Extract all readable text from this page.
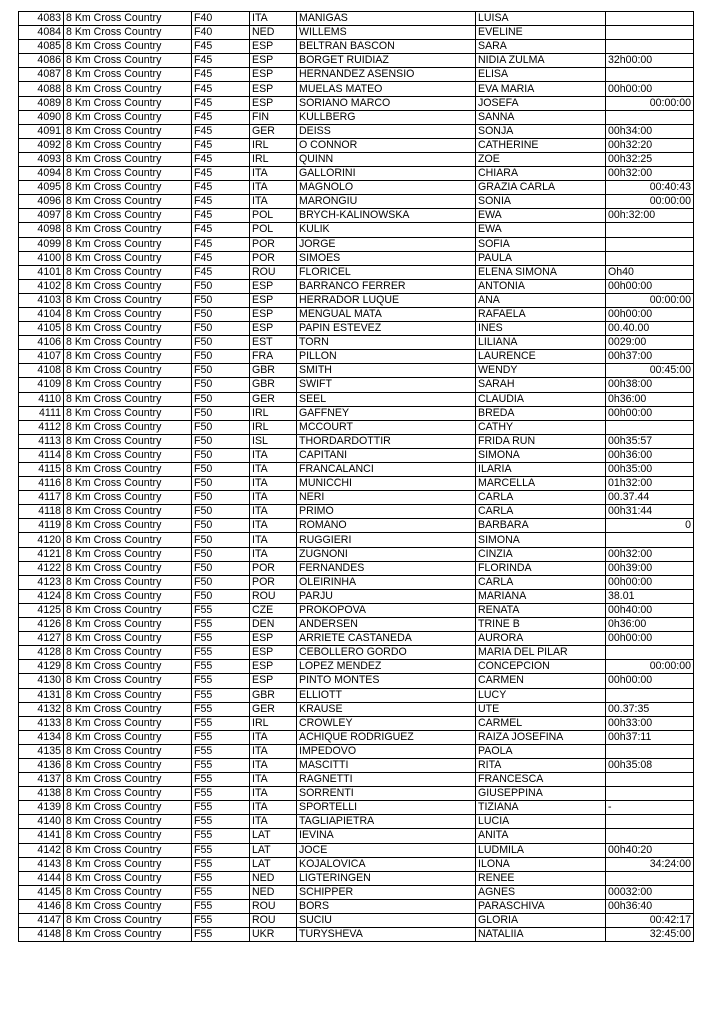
4083	8 Km Cross Country	F40	ITA	MANIGAS	LUISA	
4084	8 Km Cross Country	F40	NED	WILLEMS	EVELINE	
4085	8 Km Cross Country	F45	ESP	BELTRAN BASCON	SARA	
4086	8 Km Cross Country	F45	ESP	BORGET RUIDIAZ	NIDIA ZULMA	32h00:00
4087	8 Km Cross Country	F45	ESP	HERNANDEZ ASENSIO	ELISA	
4088	8 Km Cross Country	F45	ESP	MUELAS MATEO	EVA MARIA	00h00:00
4089	8 Km Cross Country	F45	ESP	SORIANO MARCO	JOSEFA	00:00:00
4090	8 Km Cross Country	F45	FIN	KULLBERG	SANNA	
4091	8 Km Cross Country	F45	GER	DEISS	SONJA	00h34:00
4092	8 Km Cross Country	F45	IRL	O CONNOR	CATHERINE	00h32:20
4093	8 Km Cross Country	F45	IRL	QUINN	ZOE	00h32:25
4094	8 Km Cross Country	F45	ITA	GALLORINI	CHIARA	00h32:00
4095	8 Km Cross Country	F45	ITA	MAGNOLO	GRAZIA CARLA	00:40:43
4096	8 Km Cross Country	F45	ITA	MARONGIU	SONIA	00:00:00
4097	8 Km Cross Country	F45	POL	BRYCH-KALINOWSKA	EWA	00h:32:00
4098	8 Km Cross Country	F45	POL	KULIK	EWA	
4099	8 Km Cross Country	F45	POR	JORGE	SOFIA	
4100	8 Km Cross Country	F45	POR	SIMOES	PAULA	
4101	8 Km Cross Country	F45	ROU	FLORICEL	ELENA SIMONA	Oh40
4102	8 Km Cross Country	F50	ESP	BARRANCO FERRER	ANTONIA	00h00:00
4103	8 Km Cross Country	F50	ESP	HERRADOR LUQUE	ANA	00:00:00
4104	8 Km Cross Country	F50	ESP	MENGUAL MATA	RAFAELA	00h00:00
4105	8 Km Cross Country	F50	ESP	PAPIN ESTEVEZ	INES	00.40.00
4106	8 Km Cross Country	F50	EST	TORN	LILIANA	0029:00
4107	8 Km Cross Country	F50	FRA	PILLON	LAURENCE	00h37:00
4108	8 Km Cross Country	F50	GBR	SMITH	WENDY	00:45:00
4109	8 Km Cross Country	F50	GBR	SWIFT	SARAH	00h38:00
4110	8 Km Cross Country	F50	GER	SEEL	CLAUDIA	0h36:00
4111	8 Km Cross Country	F50	IRL	GAFFNEY	BREDA	00h00:00
4112	8 Km Cross Country	F50	IRL	MCCOURT	CATHY	
4113	8 Km Cross Country	F50	ISL	THORDARDOTTIR	FRIDA RUN	00h35:57
4114	8 Km Cross Country	F50	ITA	CAPITANI	SIMONA	00h36:00
4115	8 Km Cross Country	F50	ITA	FRANCALANCI	ILARIA	00h35:00
4116	8 Km Cross Country	F50	ITA	MUNICCHI	MARCELLA	01h32:00
4117	8 Km Cross Country	F50	ITA	NERI	CARLA	00.37.44
4118	8 Km Cross Country	F50	ITA	PRIMO	CARLA	00h31:44
4119	8 Km Cross Country	F50	ITA	ROMANO	BARBARA	0
4120	8 Km Cross Country	F50	ITA	RUGGIERI	SIMONA	
4121	8 Km Cross Country	F50	ITA	ZUGNONI	CINZIA	00h32:00
4122	8 Km Cross Country	F50	POR	FERNANDES	FLORINDA	00h39:00
4123	8 Km Cross Country	F50	POR	OLEIRINHA	CARLA	00h00:00
4124	8 Km Cross Country	F50	ROU	PARJU	MARIANA	38.01
4125	8 Km Cross Country	F55	CZE	PROKOPOVA	RENATA	00h40:00
4126	8 Km Cross Country	F55	DEN	ANDERSEN	TRINE B	0h36:00
4127	8 Km Cross Country	F55	ESP	ARRIETE CASTANEDA	AURORA	00h00:00
4128	8 Km Cross Country	F55	ESP	CEBOLLERO GORDO	MARIA DEL PILAR	
4129	8 Km Cross Country	F55	ESP	LOPEZ MENDEZ	CONCEPCION	00:00:00
4130	8 Km Cross Country	F55	ESP	PINTO MONTES	CARMEN	00h00:00
4131	8 Km Cross Country	F55	GBR	ELLIOTT	LUCY	
4132	8 Km Cross Country	F55	GER	KRAUSE	UTE	00.37:35
4133	8 Km Cross Country	F55	IRL	CROWLEY	CARMEL	00h33:00
4134	8 Km Cross Country	F55	ITA	ACHIQUE RODRIGUEZ	RAIZA JOSEFINA	00h37:11
4135	8 Km Cross Country	F55	ITA	IMPEDOVO	PAOLA	
4136	8 Km Cross Country	F55	ITA	MASCITTI	RITA	00h35:08
4137	8 Km Cross Country	F55	ITA	RAGNETTI	FRANCESCA	
4138	8 Km Cross Country	F55	ITA	SORRENTI	GIUSEPPINA	
4139	8 Km Cross Country	F55	ITA	SPORTELLI	TIZIANA	-
4140	8 Km Cross Country	F55	ITA	TAGLIAPIETRA	LUCIA	
4141	8 Km Cross Country	F55	LAT	IEVINA	ANITA	
4142	8 Km Cross Country	F55	LAT	JOCE	LUDMILA	00h40:20
4143	8 Km Cross Country	F55	LAT	KOJALOVICA	ILONA	34:24:00
4144	8 Km Cross Country	F55	NED	LIGTERINGEN	RENEE	
4145	8 Km Cross Country	F55	NED	SCHIPPER	AGNES	00032:00
4146	8 Km Cross Country	F55	ROU	BORS	PARASCHIVA	00h36:40
4147	8 Km Cross Country	F55	ROU	SUCIU	GLORIA	00:42:17
4148	8 Km Cross Country	F55	UKR	TURYSHEVA	NATALIIA	32:45:00
